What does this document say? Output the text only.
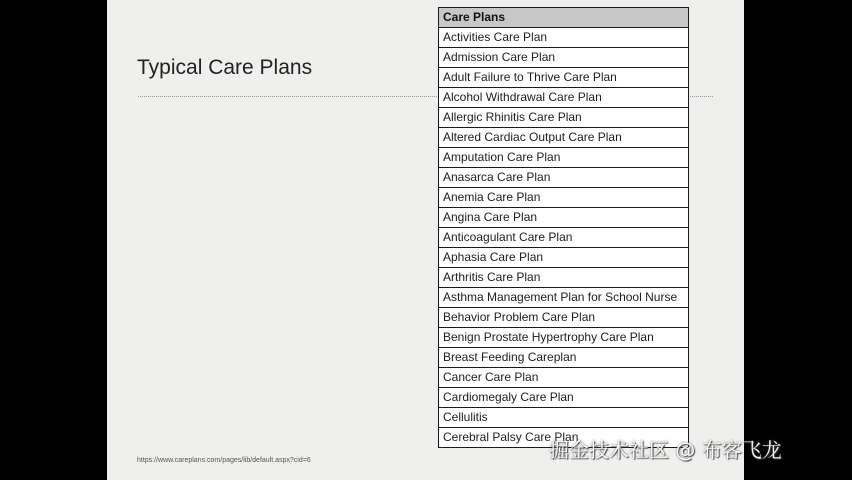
Typical Care Plans
Care Plans
Activities Care Plan
Admission Care Plan
Adult Failure to Thrive Care Plan
Alcohol Withdrawal Care Plan
Allergic Rhinitis Care Plan
Altered Cardiac Output Care Plan
Amputation Care Plan
Anasarca Care Plan
Anemia Care Plan
Angina Care Plan
Anticoagulant Care Plan
Aphasia Care Plan
Arthritis Care Plan
Asthma Management Plan for School Nurse
Behavior Problem Care Plan
Benign Prostate Hypertrophy Care Plan
Breast Feeding Careplan
Cancer Care Plan
Cardiomegaly Care Plan
Cellulitis
Cerebral Palsy Care Plan
https://www.careplans.com/pages/lib/default.aspx?cid=6	掘金技术社区 @ 布客飞龙
